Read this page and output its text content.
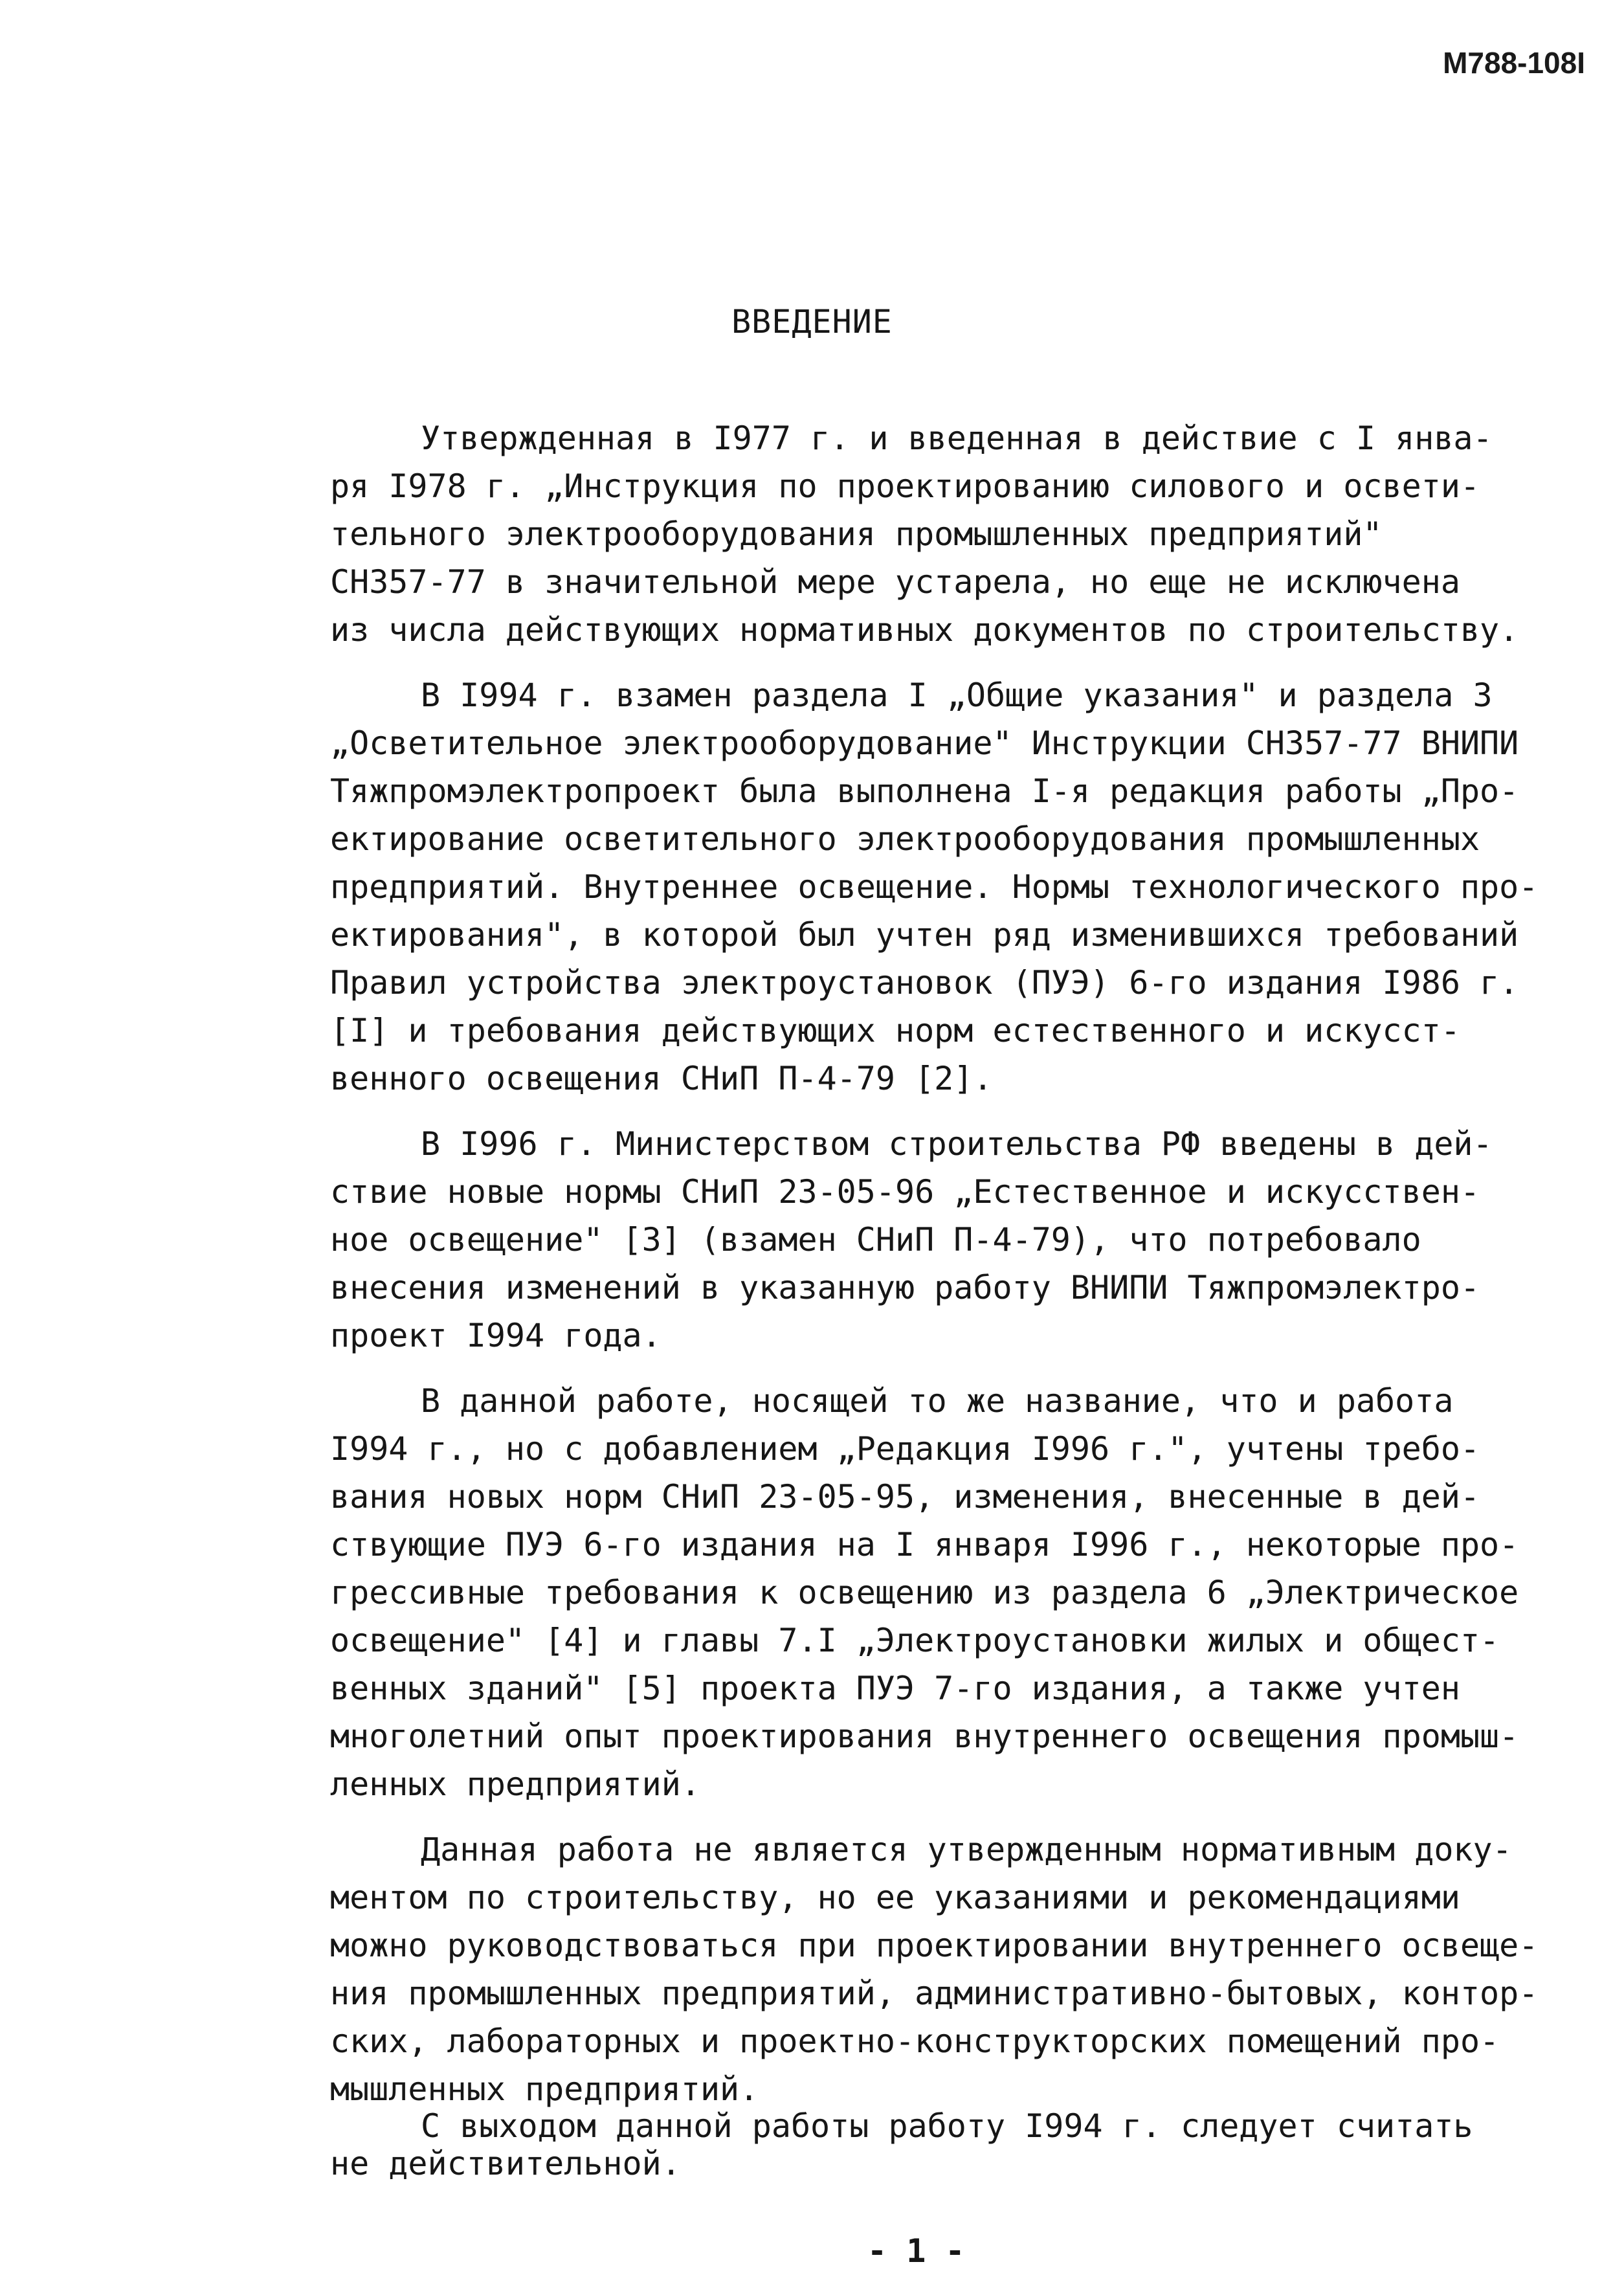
M788-108І
ВВЕДЕНИЕ
Утвержденная в I977 г. и введенная в действие с I янва-
ря I978 г. „Инструкция по проектированию силового и освети-
тельного электрооборудования промышленных предприятий"
СН357-77 в значительной мере устарела, но еще не исключена
из числа действующих нормативных документов по строительству.
В I994 г. взамен раздела I „Общие указания" и раздела 3
„Осветительное электрооборудование" Инструкции СН357-77 ВНИПИ
Тяжпромэлектропроект была выполнена I-я редакция работы „Про-
ектирование осветительного электрооборудования промышленных
предприятий. Внутреннее освещение. Нормы технологического про-
ектирования", в которой был учтен ряд изменившихся требований
Правил устройства электроустановок (ПУЭ) 6-го издания I986 г.
[I] и требования действующих норм естественного и искусст-
венного освещения СНиП П-4-79 [2].
В I996 г. Министерством строительства РФ введены в дей-
ствие новые нормы СНиП 23-05-96 „Естественное и искусствен-
ное освещение" [3] (взамен СНиП П-4-79), что потребовало
внесения изменений в указанную работу ВНИПИ Тяжпромэлектро-
проект I994 года.
В данной работе, носящей то же название, что и работа
I994 г., но с добавлением „Редакция I996 г.", учтены требо-
вания новых норм СНиП 23-05-95, изменения, внесенные в дей-
ствующие ПУЭ 6-го издания на I января I996 г., некоторые про-
грессивные требования к освещению из раздела 6 „Электрическое
освещение" [4] и главы 7.I „Электроустановки жилых и общест-
венных зданий" [5] проекта ПУЭ 7-го издания, а также учтен
многолетний опыт проектирования внутреннего освещения промыш-
ленных предприятий.
Данная работа не является утвержденным нормативным доку-
ментом по строительству, но ее указаниями и рекомендациями
можно руководствоваться при проектировании внутреннего освеще-
ния промышленных предприятий, административно-бытовых, контор-
ских, лабораторных и проектно-конструкторских помещений про-
мышленных предприятий.
С выходом данной работы работу I994 г. следует считать
не действительной.
- 1 -
